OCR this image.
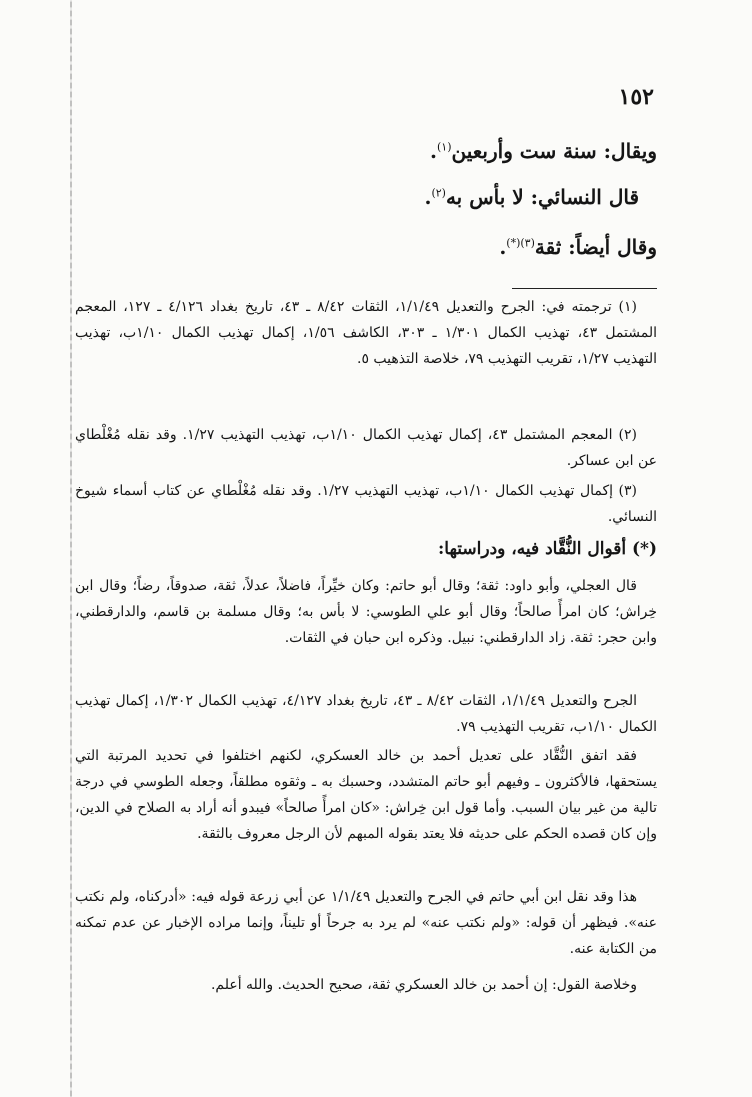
١٥٢

ويقال: سنة ست وأربعين$^{(١)}$.

قال النسائي: لا بأس به$^{(٢)}$.

وقال أيضاً: ثقة$^{(٣)(*)}$.

(١) ترجمته في: الجرح والتعديل ١/١/٤٩، الثقات ٨/٤٢ ـ ٤٣، تاريخ بغداد ٤/١٢٦ ـ ١٢٧، المعجم المشتمل ٤٣، تهذيب الكمال ١/٣٠١ ـ ٣٠٣، الكاشف ١/٥٦، إكمال تهذيب الكمال ١/١٠ب، تهذيب التهذيب ١/٢٧، تقريب التهذيب ٧٩، خلاصة التذهيب ٥.

(٢) المعجم المشتمل ٤٣، إكمال تهذيب الكمال ١/١٠ب، تهذيب التهذيب ١/٢٧. وقد نقله مُغْلْطاي عن ابن عساكر.

(٣) إكمال تهذيب الكمال ١/١٠ب، تهذيب التهذيب ١/٢٧. وقد نقله مُغْلْطاي عن كتاب أسماء شيوخ النسائي.

(*) أقوال النُّقَّاد فيه، ودراستها:

قال العجلي، وأبو داود: ثقة؛ وقال أبو حاتم: وكان خيِّراً، فاضلاً، عدلاً، ثقة، صدوقاً، رضاً؛ وقال ابن خِراش؛ كان امرأً صالحاً؛ وقال أبو علي الطوسي: لا بأس به؛ وقال مسلمة بن قاسم، والدارقطني، وابن حجر: ثقة. زاد الدارقطني: نبيل. وذكره ابن حبان في الثقات.

الجرح والتعديل ١/١/٤٩، الثقات ٨/٤٢ ـ ٤٣، تاريخ بغداد ٤/١٢٧، تهذيب الكمال ١/٣٠٢، إكمال تهذيب الكمال ١/١٠ب، تقريب التهذيب ٧٩.

فقد اتفق النُّقَّاد على تعديل أحمد بن خالد العسكري، لكنهم اختلفوا في تحديد المرتبة التي يستحقها، فالأكثرون ـ وفيهم أبو حاتم المتشدد، وحسبك به ـ وثقوه مطلقاً، وجعله الطوسي في درجة تالية من غير بيان السبب. وأما قول ابن خِراش: «كان امرأً صالحاً» فيبدو أنه أراد به الصلاح في الدين، وإن كان قصده الحكم على حديثه فلا يعتد بقوله المبهم لأن الرجل معروف بالثقة.

هذا وقد نقل ابن أبي حاتم في الجرح والتعديل ١/١/٤٩ عن أبي زرعة قوله فيه: «أدركناه، ولم نكتب عنه». فيظهر أن قوله: «ولم نكتب عنه» لم يرد به جرحاً أو تليناً، وإنما مراده الإخبار عن عدم تمكنه من الكتابة عنه.

وخلاصة القول: إن أحمد بن خالد العسكري ثقة، صحيح الحديث. والله أعلم.
